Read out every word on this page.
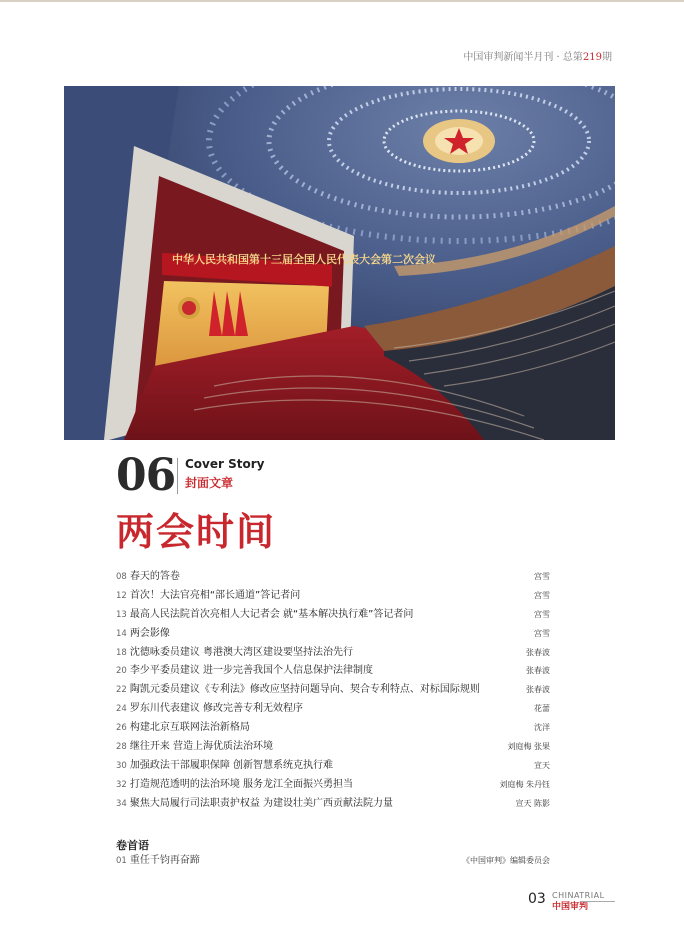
中国审判新闻半月刊 · 总第219期
中华人民共和国第十三届全国人民代表大会第二次会议
06 Cover Story
封面文章
两会时间
08 春天的答卷	宫雪
12 首次！大法官亮相“部长通道”答记者问	宫雪
13 最高人民法院首次亮相人大记者会 就“基本解决执行难”答记者问	宫雪
14 两会影像	宫雪
18 沈德咏委员建议 粤港澳大湾区建设要坚持法治先行	张春波
20 李少平委员建议 进一步完善我国个人信息保护法律制度	张春波
22 陶凯元委员建议《专利法》修改应坚持问题导向、契合专利特点、对标国际规则	张春波
24 罗东川代表建议 修改完善专利无效程序	花蕾
26 构建北京互联网法治新格局	沈洋
28 继往开来 营造上海优质法治环境	刘庭梅 张果
30 加强政法干部履职保障 创新智慧系统克执行难	宣天
32 打造规范透明的法治环境 服务龙江全面振兴勇担当	刘庭梅 朱丹钰
34 聚焦大局履行司法职责护权益 为建设壮美广西贡献法院力量	宣天 陈影
卷首语
01 重任千钧再奋蹄	《中国审判》编辑委员会
03 CHINATRIAL
中国审判
